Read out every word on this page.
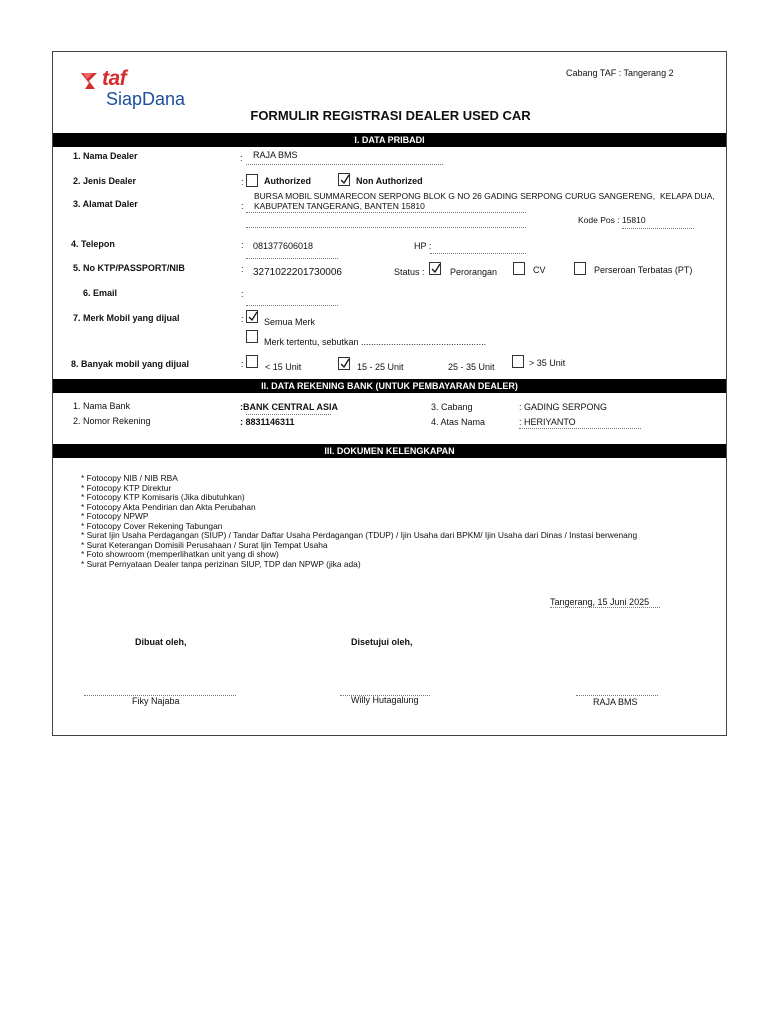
taf
SiapDana
Cabang TAF : Tangerang 2
FORMULIR REGISTRASI DEALER USED CAR
I. DATA PRIBADI
1. Nama Dealer	: RAJA BMS
2. Jenis Dealer	: Authorized	Non Authorized
3. Alamat Daler	:
BURSA MOBIL SUMMARECON SERPONG BLOK G NO 26 GADING SERPONG CURUG SANGERENG, KELAPA DUA,
KABUPATEN TANGERANG, BANTEN 15810
Kode Pos : 15810
4. Telepon	: 081377606018	HP :
5. No KTP/PASSPORT/NIB	: 3271022201730006	Status :	Perorangan	CV	Perseroan Terbatas (PT)
6. Email	:
7. Merk Mobil yang dijual	: Semua Merk
Merk tertentu, sebutkan ..................................................
8. Banyak mobil yang dijual	: < 15 Unit	15 - 25 Unit	25 - 35 Unit	> 35 Unit
II. DATA REKENING BANK (UNTUK PEMBAYARAN DEALER)
1. Nama Bank	:BANK CENTRAL ASIA
2. Nomor Rekening	: 8831146311
3. Cabang	: GADING SERPONG
4. Atas Nama	: HERIYANTO
III. DOKUMEN KELENGKAPAN
* Fotocopy NIB / NIB RBA
* Fotocopy KTP Direktur
* Fotocopy KTP Komisaris (Jika dibutuhkan)
* Fotocopy Akta Pendirian dan Akta Perubahan
* Fotocopy NPWP
* Fotocopy Cover Rekening Tabungan
* Surat Ijin Usaha Perdagangan (SIUP) / Tandar Daftar Usaha Perdagangan (TDUP) / Ijin Usaha dari BPKM/ Ijin Usaha dari Dinas / Instasi berwenang
* Surat Keterangan Domisili Perusahaan / Surat Ijin Tempat Usaha
* Foto showroom (memperlihatkan unit yang di show)
* Surat Pernyataan Dealer tanpa perizinan SIUP, TDP dan NPWP (jika ada)
Tangerang, 15 Juni 2025
Dibuat oleh,	Disetujui oleh,
Fiky Najaba	Willy Hutagalung	RAJA BMS
